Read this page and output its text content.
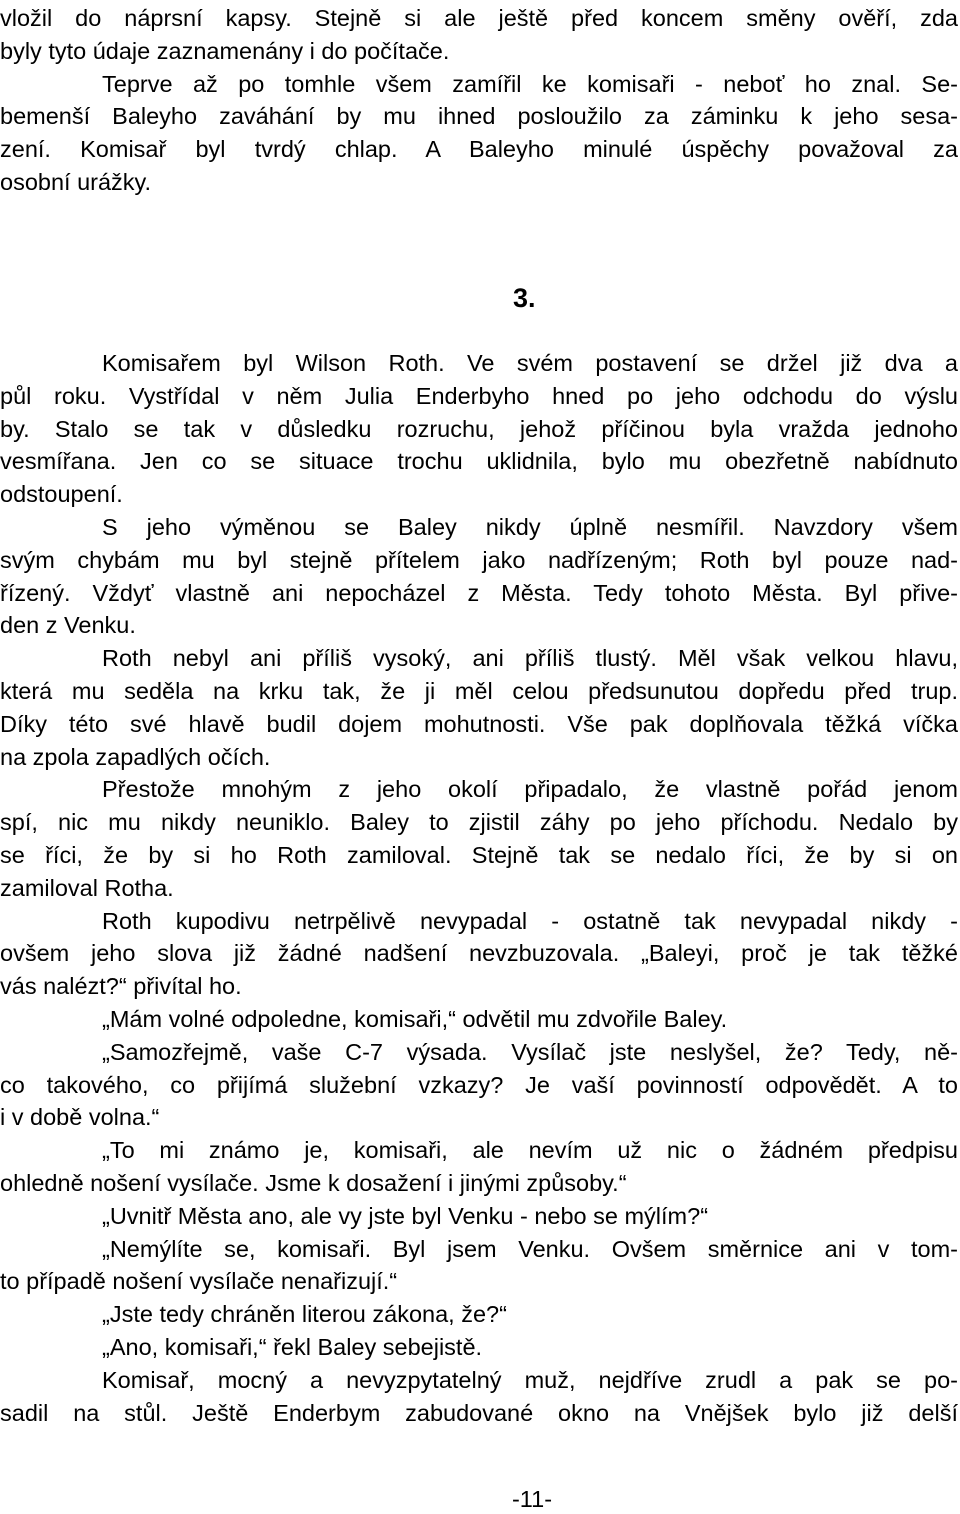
vložil do náprsní kapsy. Stejně si ale ještě před koncem směny ověří, zda
byly tyto údaje zaznamenány i do počítače.
Teprve až po tomhle všem zamířil ke komisaři - neboť ho znal. Se-
bemenší Baleyho zaváhání by mu ihned posloužilo za záminku k jeho sesa-
zení. Komisař byl tvrdý chlap. A Baleyho minulé úspěchy považoval za
osobní urážky.
3.
Komisařem byl Wilson Roth. Ve svém postavení se držel již dva a
půl roku. Vystřídal v něm Julia Enderbyho hned po jeho odchodu do výslu
by. Stalo se tak v důsledku rozruchu, jehož příčinou byla vražda jednoho
vesmířana. Jen co se situace trochu uklidnila, bylo mu obezřetně nabídnuto
odstoupení.
S jeho výměnou se Baley nikdy úplně nesmířil. Navzdory všem
svým chybám mu byl stejně přítelem jako nadřízeným; Roth byl pouze nad-
řízený. Vždyť vlastně ani nepocházel z Města. Tedy tohoto Města. Byl přive-
den z Venku.
Roth nebyl ani příliš vysoký, ani příliš tlustý. Měl však velkou hlavu,
která mu seděla na krku tak, že ji měl celou předsunutou dopředu před trup.
Díky této své hlavě budil dojem mohutnosti. Vše pak doplňovala těžká víčka
na zpola zapadlých očích.
Přestože mnohým z jeho okolí připadalo, že vlastně pořád jenom
spí, nic mu nikdy neuniklo. Baley to zjistil záhy po jeho příchodu. Nedalo by
se říci, že by si ho Roth zamiloval. Stejně tak se nedalo říci, že by si on
zamiloval Rotha.
Roth kupodivu netrpělivě nevypadal - ostatně tak nevypadal nikdy -
ovšem jeho slova již žádné nadšení nevzbuzovala. „Baleyi, proč je tak těžké
vás nalézt?“ přivítal ho.
„Mám volné odpoledne, komisaři,“ odvětil mu zdvořile Baley.
„Samozřejmě, vaše C-7 výsada. Vysílač jste neslyšel, že? Tedy, ně-
co takového, co přijímá služební vzkazy? Je vaší povinností odpovědět. A to
i v době volna.“
„To mi známo je, komisaři, ale nevím už nic o žádném předpisu
ohledně nošení vysílače. Jsme k dosažení i jinými způsoby.“
„Uvnitř Města ano, ale vy jste byl Venku - nebo se mýlím?“
„Nemýlíte se, komisaři. Byl jsem Venku. Ovšem směrnice ani v tom-
to případě nošení vysílače nenařizují.“
„Jste tedy chráněn literou zákona, že?“
„Ano, komisaři,“ řekl Baley sebejistě.
Komisař, mocný a nevyzpytatelný muž, nejdříve zrudl a pak se po-
sadil na stůl. Ještě Enderbym zabudované okno na Vnějšek bylo již delší
-11-
